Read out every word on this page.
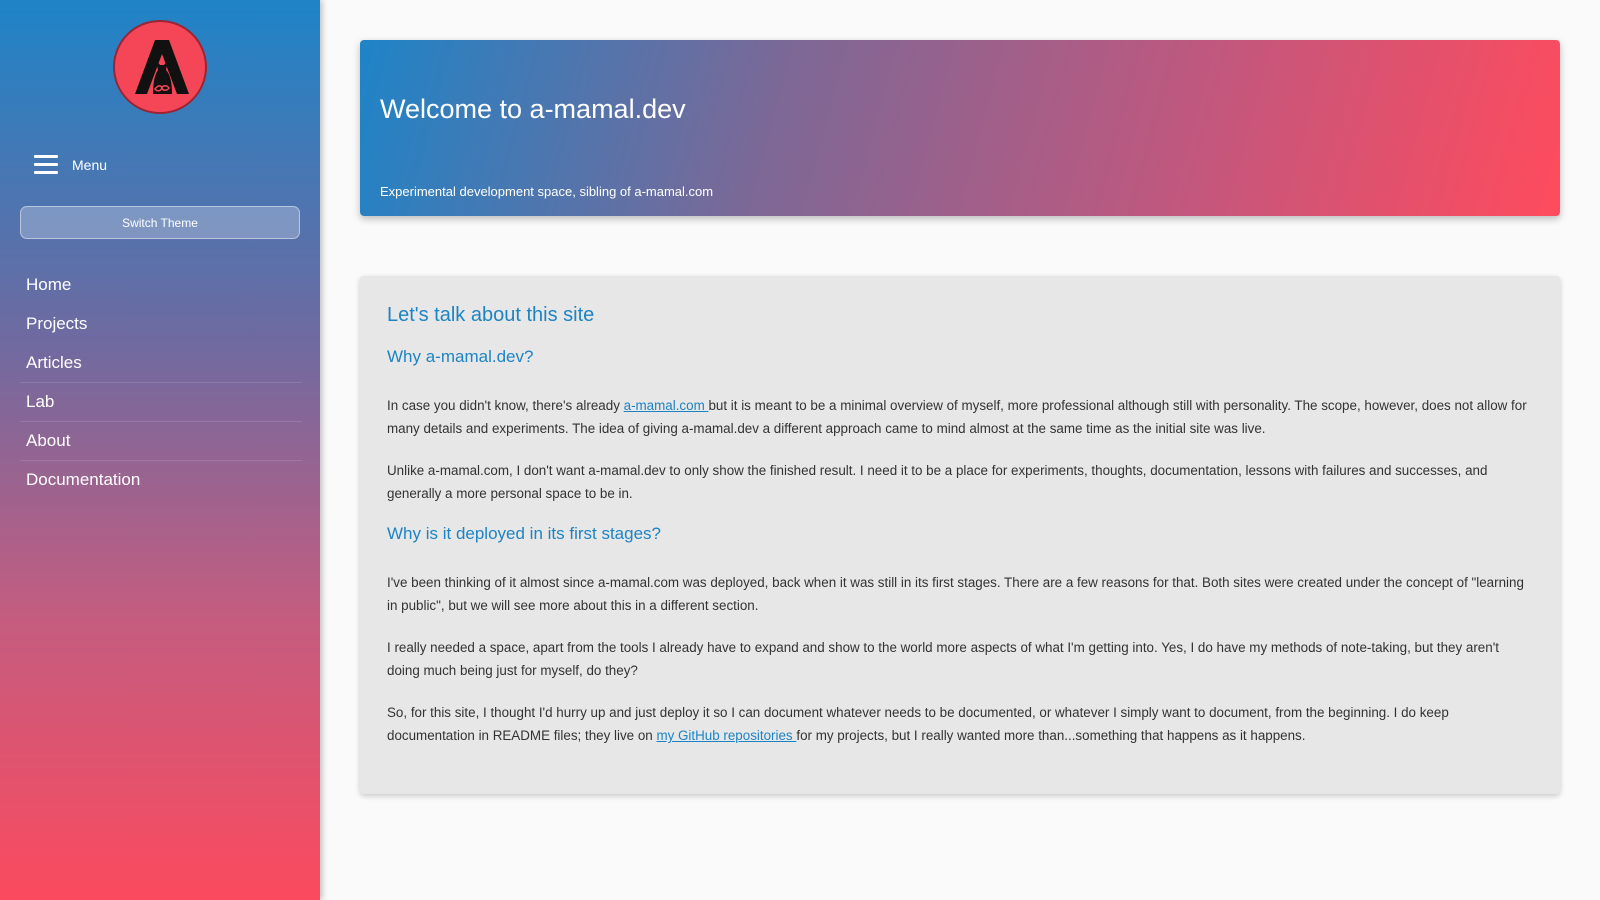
Menu
Switch Theme
Home
Projects
Articles
Lab
About
Documentation
Welcome to a-mamal.dev

Experimental development space, sibling of a-mamal.com

Let's talk about this site
Why a-mamal.dev?

In case you didn't know, there's already a-mamal.com but it is meant to be a minimal overview of myself, more professional although still with personality. The scope, however, does not allow for many details and experiments. The idea of giving a-mamal.dev a different approach came to mind almost at the same time as the initial site was live.

Unlike a-mamal.com, I don't want a-mamal.dev to only show the finished result. I need it to be a place for experiments, thoughts, documentation, lessons with failures and successes, and generally a more personal space to be in.

Why is it deployed in its first stages?

I've been thinking of it almost since a-mamal.com was deployed, back when it was still in its first stages. There are a few reasons for that. Both sites were created under the concept of "learning in public", but we will see more about this in a different section.

I really needed a space, apart from the tools I already have to expand and show to the world more aspects of what I'm getting into. Yes, I do have my methods of note-taking, but they aren't doing much being just for myself, do they?

So, for this site, I thought I'd hurry up and just deploy it so I can document whatever needs to be documented, or whatever I simply want to document, from the beginning. I do keep documentation in README files; they live on my GitHub repositories for my projects, but I really wanted more than...something that happens as it happens.
